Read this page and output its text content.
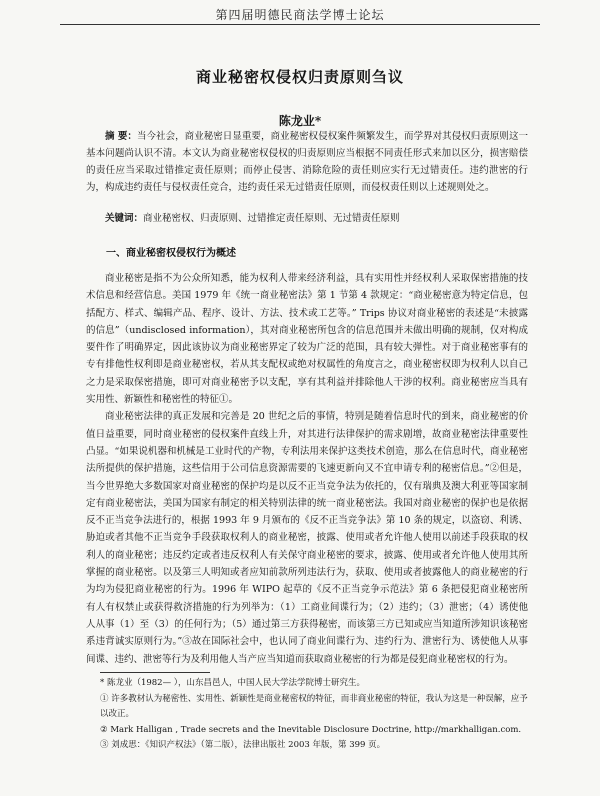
第四届明德民商法学博士论坛
商业秘密权侵权归责原则刍议
陈龙业*
摘 要：当今社会，商业秘密日显重要，商业秘密权侵权案件频繁发生，而学界对其侵权归责原则这一基本问题尚认识不清。本文认为商业秘密权侵权的归责原则应当根据不同责任形式来加以区分，损害赔偿的责任应当采取过错推定责任原则；而停止侵害、消除危险的责任则应实行无过错责任。违约泄密的行为，构成违约责任与侵权责任竞合，违约责任采无过错责任原则，而侵权责任则以上述规则处之。
关键词：商业秘密权、归责原则、过错推定责任原则、无过错责任原则
一、商业秘密权侵权行为概述

商业秘密是指不为公众所知悉，能为权利人带来经济利益，具有实用性并经权利人采取保密措施的技术信息和经营信息。美国 1979 年《统一商业秘密法》第 1 节第 4 款规定：“商业秘密意为特定信息，包括配方、样式、编辑产品、程序、设计、方法、技术或工艺等。” Trips 协议对商业秘密的表述是“未披露的信息”（undisclosed information），其对商业秘密所包含的信息范围并未做出明确的规制，仅对构成要件作了明确界定，因此该协议为商业秘密界定了较为广泛的范围，具有较大弹性。对于商业秘密事有的专有排他性权利即是商业秘密权，若从其支配权或绝对权属性的角度言之，商业秘密权即为权利人以自己之力是采取保密措施，即可对商业秘密予以支配，享有其利益并排除他人干涉的权利。商业秘密应当具有实用性、新颖性和秘密性的特征①。

商业秘密法律的真正发展和完善是 20 世纪之后的事情，特别是随着信息时代的到来，商业秘密的价值日益重要，同时商业秘密的侵权案件直线上升，对其进行法律保护的需求剧增，故商业秘密法律重要性凸显。“如果说机器和机械是工业时代的产物，专利法用来保护这类技术创造，那么在信息时代，商业秘密法所提供的保护措施，这些信用于公司信息资源需要的飞速更新向又不宜申请专利的秘密信息。”②但是，当今世界绝大多数国家对商业秘密的保护均是以反不正当竞争法为依托的，仅有瑞典及澳大利亚等国家制定有商业秘密法，美国为国家有制定的相关特别法律的统一商业秘密法。我国对商业秘密的保护也是依据反不正当竞争法进行的，根据 1993 年 9 月颁布的《反不正当竞争法》第 10 条的规定，以盗窃、利诱、胁迫或者其他不正当竞争手段获取权利人的商业秘密，披露、使用或者允许他人使用以前述手段获取的权利人的商业秘密；违反约定或者违反权利人有关保守商业秘密的要求，披露、使用或者允许他人使用其所掌握的商业秘密。以及第三人明知或者应知前款所列违法行为，获取、使用或者披露他人的商业秘密的行为均为侵犯商业秘密的行为。1996 年 WIPO 起草的《反不正当竞争示范法》第 6 条把侵犯商业秘密所有人有权禁止或获得救济措施的行为列举为：（1）工商业间谍行为；（2）违约；（3）泄密；（4）诱使他人从事（1）至（3）的任何行为；（5）通过第三方获得秘密，而该第三方已知或应当知道所涉知识该秘密系违背诚实原则行为。”③故在国际社会中，也认同了商业间谍行为、违约行为、泄密行为、诱使他人从事间谍、违约、泄密等行为及利用他人当产应当知道而获取商业秘密的行为都是侵犯商业秘密权的行为。

* 陈龙业（1982— ），山东昌邑人，中国人民大学法学院博士研究生。
① 许多教材认为秘密性、实用性、新颖性是商业秘密权的特征，而非商业秘密的特征，我认为这是一种误解，应予以改正。
② Mark Halligan , Trade secrets and the Inevitable Disclosure Doctrine, http://markhalligan.com.
③ 刘成思：《知识产权法》（第二版），法律出版社 2003 年版，第 399 页。
